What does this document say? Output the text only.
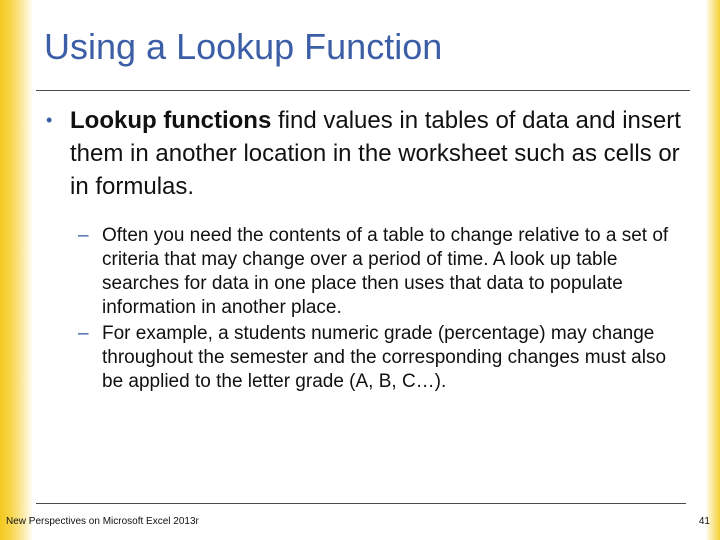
Using a Lookup Function
• Lookup functions find values in tables of data and insert them in another location in the worksheet such as cells or in formulas.
– Often you need the contents of a table to change relative to a set of criteria that may change over a period of time. A look up table searches for data in one place then uses that data to populate information in another place.
– For example, a students numeric grade (percentage) may change throughout the semester and the corresponding changes must also be applied to the letter grade (A, B, C…).
New Perspectives on Microsoft Excel 2013r	41
